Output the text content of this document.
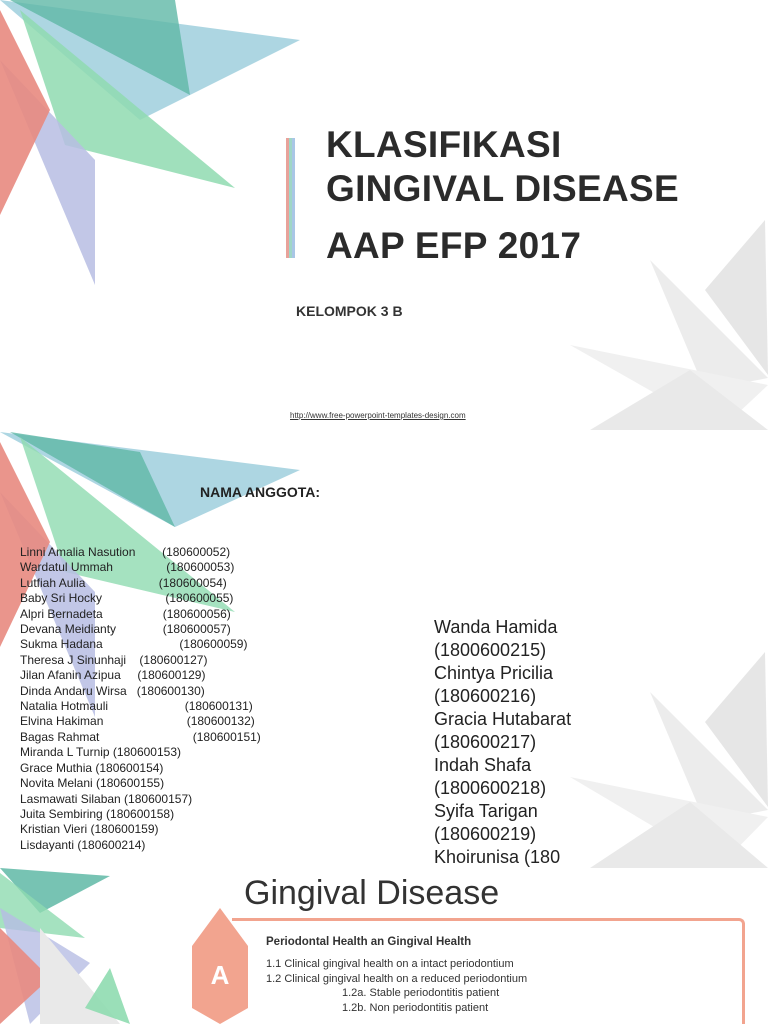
KLASIFIKASI
GINGIVAL DISEASE
AAP EFP 2017
KELOMPOK 3 B
http://www.free-powerpoint-templates-design.com
NAMA ANGGOTA:
Linni Amalia Nasution        (180600052)
Wardatul Ummah                (180600053)
Lutfiah Aulia                      (180600054)
Baby Sri Hocky                   (180600055)
Alpri Bernadeta                  (180600056)
Devana Meidianty              (180600057)
Sukma Hadana                       (180600059)
Theresa J Sinunhaji    (180600127)
Jilan Afanin Azipua     (180600129)
Dinda Andaru Wirsa   (180600130)
Natalia Hotmauli                       (180600131)
Elvina Hakiman                         (180600132)
Bagas Rahmat                            (180600151)
Miranda L Turnip (180600153)
Grace Muthia (180600154)
Novita Melani (180600155)
Lasmawati Silaban (180600157)
Juita Sembiring (180600158)
Kristian Vieri (180600159)
Lisdayanti (180600214)
Wanda Hamida (1800600215)
Chintya Pricilia (180600216)
Gracia Hutabarat (180600217)
Indah Shafa (1800600218)
Syifa Tarigan (180600219)
Khoirunisa (180
Gingival Disease
A
Periodontal Health an Gingival Health
1.1 Clinical gingival health on a intact periodontium
1.2 Clinical gingival health on a reduced periodontium
1.2a. Stable periodontitis patient
1.2b. Non periodontitis patient
